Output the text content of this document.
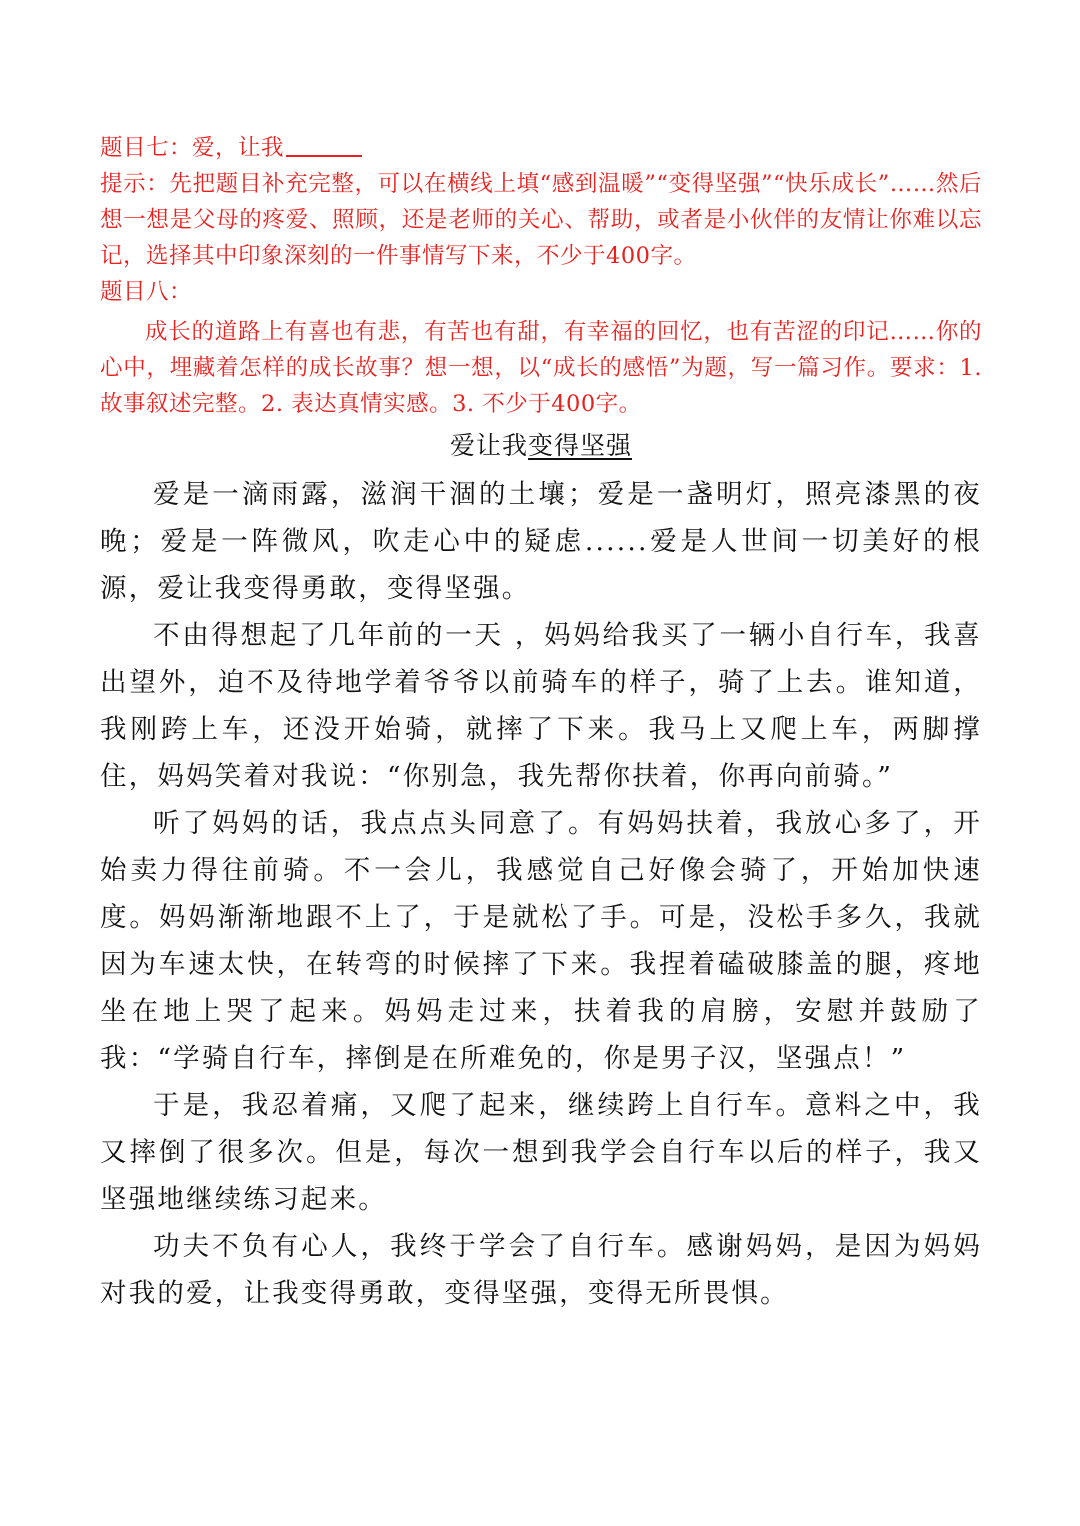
题目七：爱，让我

提示：先把题目补充完整，可以在横线上填“感到温暖”“变得坚强”“快乐成长”……然后想一想是父母的疼爱、照顾，还是老师的关心、帮助，或者是小伙伴的友情让你难以忘记，选择其中印象深刻的一件事情写下来，不少于400字。

题目八：

成长的道路上有喜也有悲，有苦也有甜，有幸福的回忆，也有苦涩的印记……你的心中，埋藏着怎样的成长故事？想一想，以“成长的感悟”为题，写一篇习作。要求：1. 故事叙述完整。2. 表达真情实感。3. 不少于400字。

爱让我变得坚强

爱是一滴雨露，滋润干涸的土壤；爱是一盏明灯，照亮漆黑的夜晚；爱是一阵微风，吹走心中的疑虑......爱是人世间一切美好的根源，爱让我变得勇敢，变得坚强。

不由得想起了几年前的一天 ，妈妈给我买了一辆小自行车，我喜出望外，迫不及待地学着爷爷以前骑车的样子，骑了上去。谁知道，我刚跨上车，还没开始骑，就摔了下来。我马上又爬上车，两脚撑住，妈妈笑着对我说：“你别急，我先帮你扶着，你再向前骑。”

听了妈妈的话，我点点头同意了。有妈妈扶着，我放心多了，开始卖力得往前骑。不一会儿，我感觉自己好像会骑了，开始加快速度。妈妈渐渐地跟不上了，于是就松了手。可是，没松手多久，我就因为车速太快，在转弯的时候摔了下来。我捏着磕破膝盖的腿，疼地坐在地上哭了起来。妈妈走过来，扶着我的肩膀，安慰并鼓励了我：“学骑自行车，摔倒是在所难免的，你是男子汉，坚强点！”

于是，我忍着痛，又爬了起来，继续跨上自行车。意料之中，我又摔倒了很多次。但是，每次一想到我学会自行车以后的样子，我又坚强地继续练习起来。

功夫不负有心人，我终于学会了自行车。感谢妈妈，是因为妈妈对我的爱，让我变得勇敢，变得坚强，变得无所畏惧。
